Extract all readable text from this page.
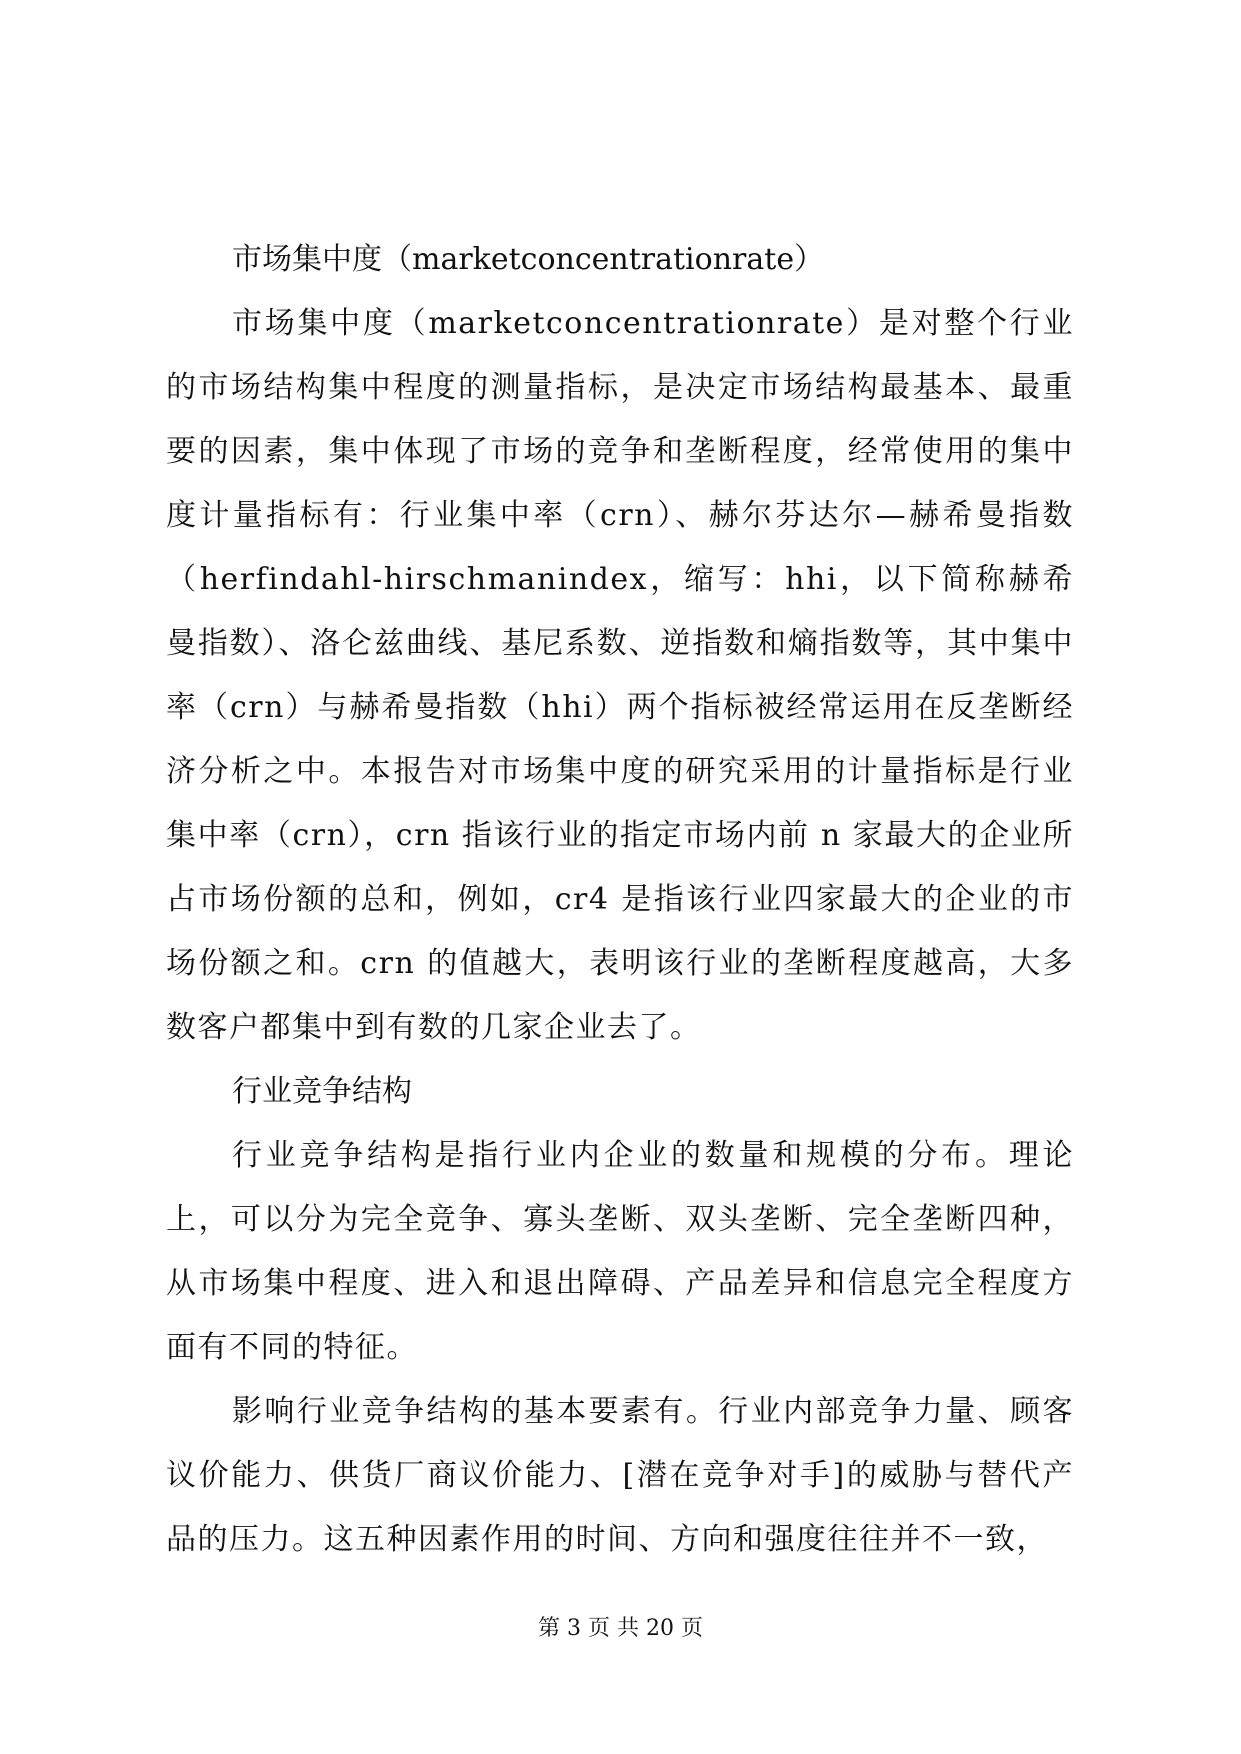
市场集中度（marketconcentrationrate）

市场集中度（marketconcentrationrate）是对整个行业的市场结构集中程度的测量指标，是决定市场结构最基本、最重要的因素，集中体现了市场的竞争和垄断程度，经常使用的集中度计量指标有：行业集中率（crn）、赫尔芬达尔—赫希曼指数（herfindahl-hirschmanindex，缩写：hhi，以下简称赫希曼指数）、洛仑兹曲线、基尼系数、逆指数和熵指数等，其中集中率（crn）与赫希曼指数（hhi）两个指标被经常运用在反垄断经济分析之中。本报告对市场集中度的研究采用的计量指标是行业集中率（crn），crn 指该行业的指定市场内前 n 家最大的企业所占市场份额的总和，例如，cr4 是指该行业四家最大的企业的市场份额之和。crn 的值越大，表明该行业的垄断程度越高，大多数客户都集中到有数的几家企业去了。

行业竞争结构

行业竞争结构是指行业内企业的数量和规模的分布。理论上，可以分为完全竞争、寡头垄断、双头垄断、完全垄断四种，从市场集中程度、进入和退出障碍、产品差异和信息完全程度方面有不同的特征。

影响行业竞争结构的基本要素有。行业内部竞争力量、顾客议价能力、供货厂商议价能力、[潜在竞争对手]的威胁与替代产品的压力。这五种因素作用的时间、方向和强度往往并不一致，

第 3 页 共 20 页
